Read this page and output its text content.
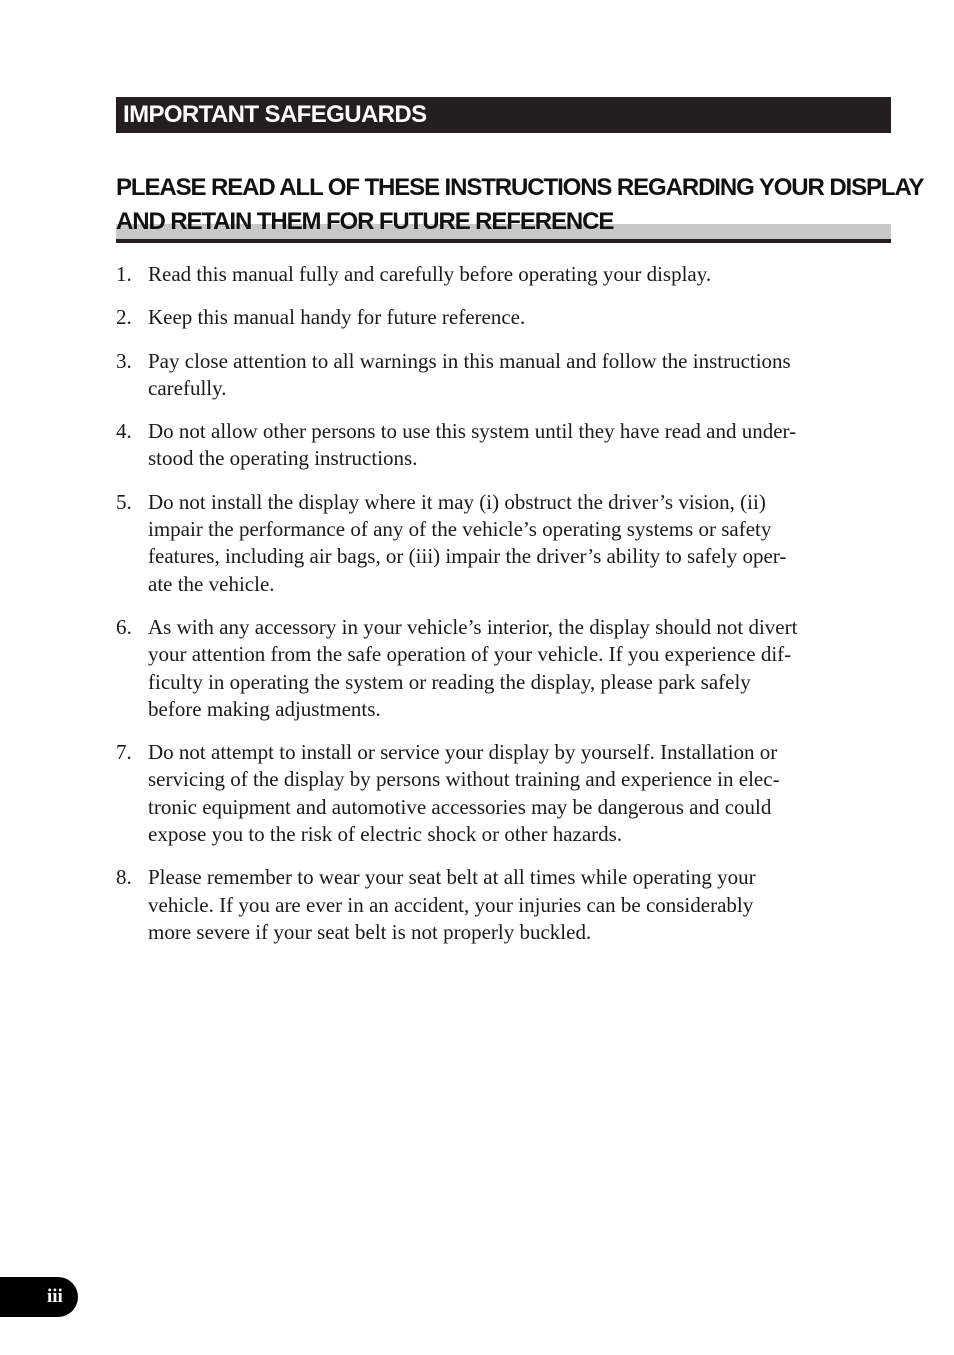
IMPORTANT SAFEGUARDS
PLEASE READ ALL OF THESE INSTRUCTIONS REGARDING YOUR DISPLAY
AND RETAIN THEM FOR FUTURE REFERENCE
1. Read this manual fully and carefully before operating your display.
2. Keep this manual handy for future reference.
3. Pay close attention to all warnings in this manual and follow the instructions
carefully.
4. Do not allow other persons to use this system until they have read and under-
stood the operating instructions.
5. Do not install the display where it may (i) obstruct the driver’s vision, (ii)
impair the performance of any of the vehicle’s operating systems or safety
features, including air bags, or (iii) impair the driver’s ability to safely oper-
ate the vehicle.
6. As with any accessory in your vehicle’s interior, the display should not divert
your attention from the safe operation of your vehicle. If you experience dif-
ficulty in operating the system or reading the display, please park safely
before making adjustments.
7. Do not attempt to install or service your display by yourself. Installation or
servicing of the display by persons without training and experience in elec-
tronic equipment and automotive accessories may be dangerous and could
expose you to the risk of electric shock or other hazards.
8. Please remember to wear your seat belt at all times while operating your
vehicle. If you are ever in an accident, your injuries can be considerably
more severe if your seat belt is not properly buckled.
iii
